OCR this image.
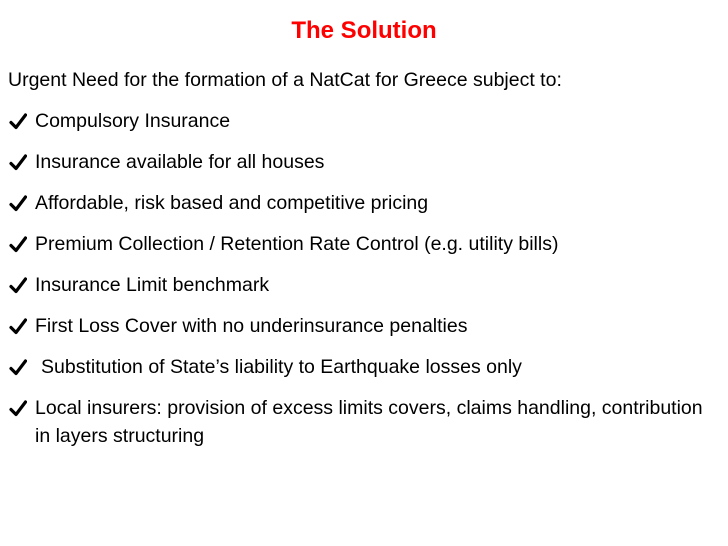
The Solution
Urgent Need for the formation of a NatCat for Greece subject to:
Compulsory Insurance
Insurance available for all houses
Affordable, risk based and competitive pricing
Premium Collection / Retention Rate Control (e.g. utility bills)
Insurance Limit benchmark
First Loss Cover with no underinsurance penalties
Substitution of State’s liability to Earthquake losses only
Local insurers: provision of excess limits covers, claims handling, contribution in layers structuring
